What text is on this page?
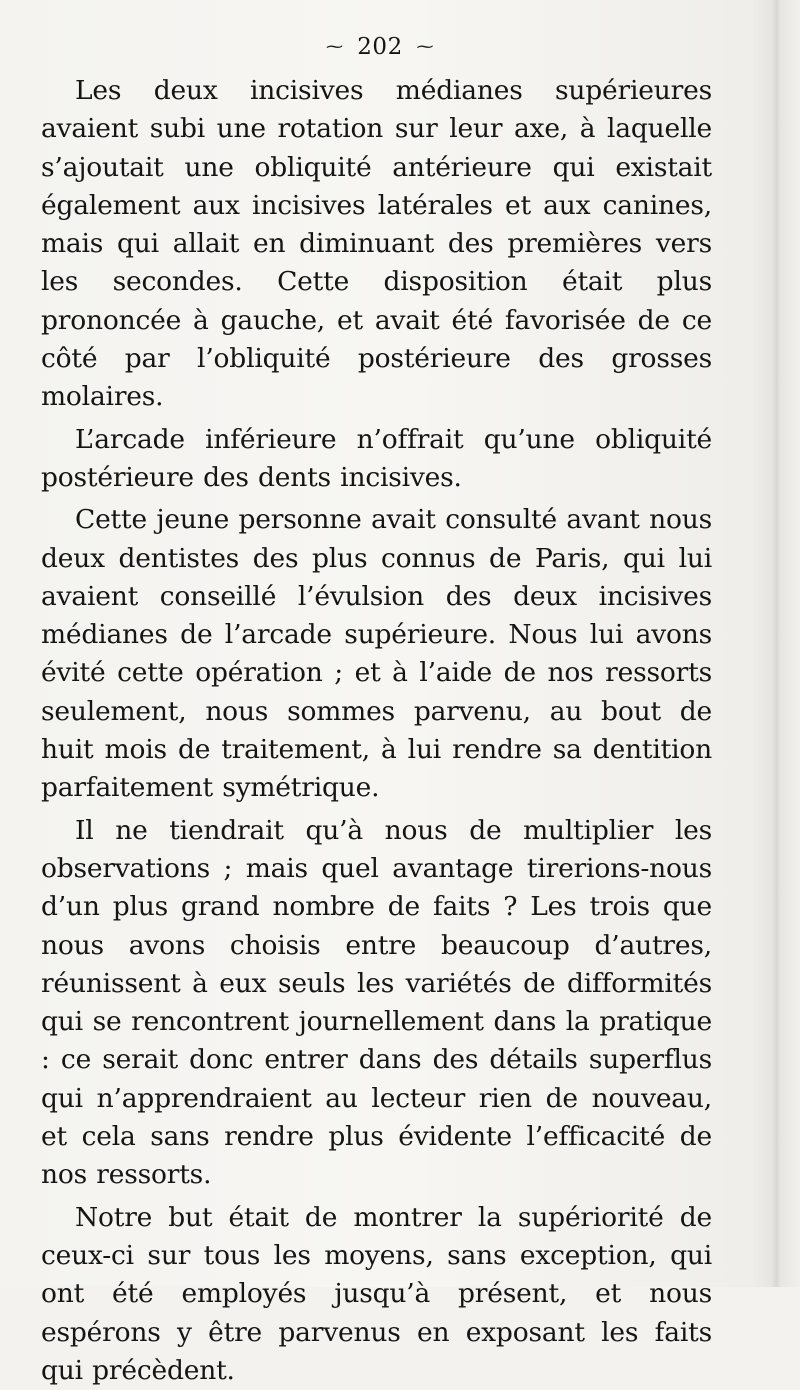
⁓ 202 ⁓

Les deux incisives médianes supérieures avaient subi une rotation sur leur axe, à laquelle s’ajoutait une obliquité antérieure qui existait également aux incisives latérales et aux canines, mais qui allait en diminuant des premières vers les secondes. Cette disposition était plus prononcée à gauche, et avait été favorisée de ce côté par l’obliquité postérieure des grosses molaires.

L’arcade inférieure n’offrait qu’une obliquité postérieure des dents incisives.

Cette jeune personne avait consulté avant nous deux dentistes des plus connus de Paris, qui lui avaient conseillé l’évulsion des deux incisives médianes de l’arcade supérieure. Nous lui avons évité cette opération ; et à l’aide de nos ressorts seulement, nous sommes parvenu, au bout de huit mois de traitement, à lui rendre sa dentition parfaitement symétrique.

Il ne tiendrait qu’à nous de multiplier les observations ; mais quel avantage tirerions-nous d’un plus grand nombre de faits ? Les trois que nous avons choisis entre beaucoup d’autres, réunissent à eux seuls les variétés de difformités qui se rencontrent journellement dans la pratique : ce serait donc entrer dans des détails superflus qui n’apprendraient au lecteur rien de nouveau, et cela sans rendre plus évidente l’efficacité de nos ressorts.

Notre but était de montrer la supériorité de ceux-ci sur tous les moyens, sans exception, qui ont été employés jusqu’à présent, et nous espérons y être parvenus en exposant les faits qui précèdent.
